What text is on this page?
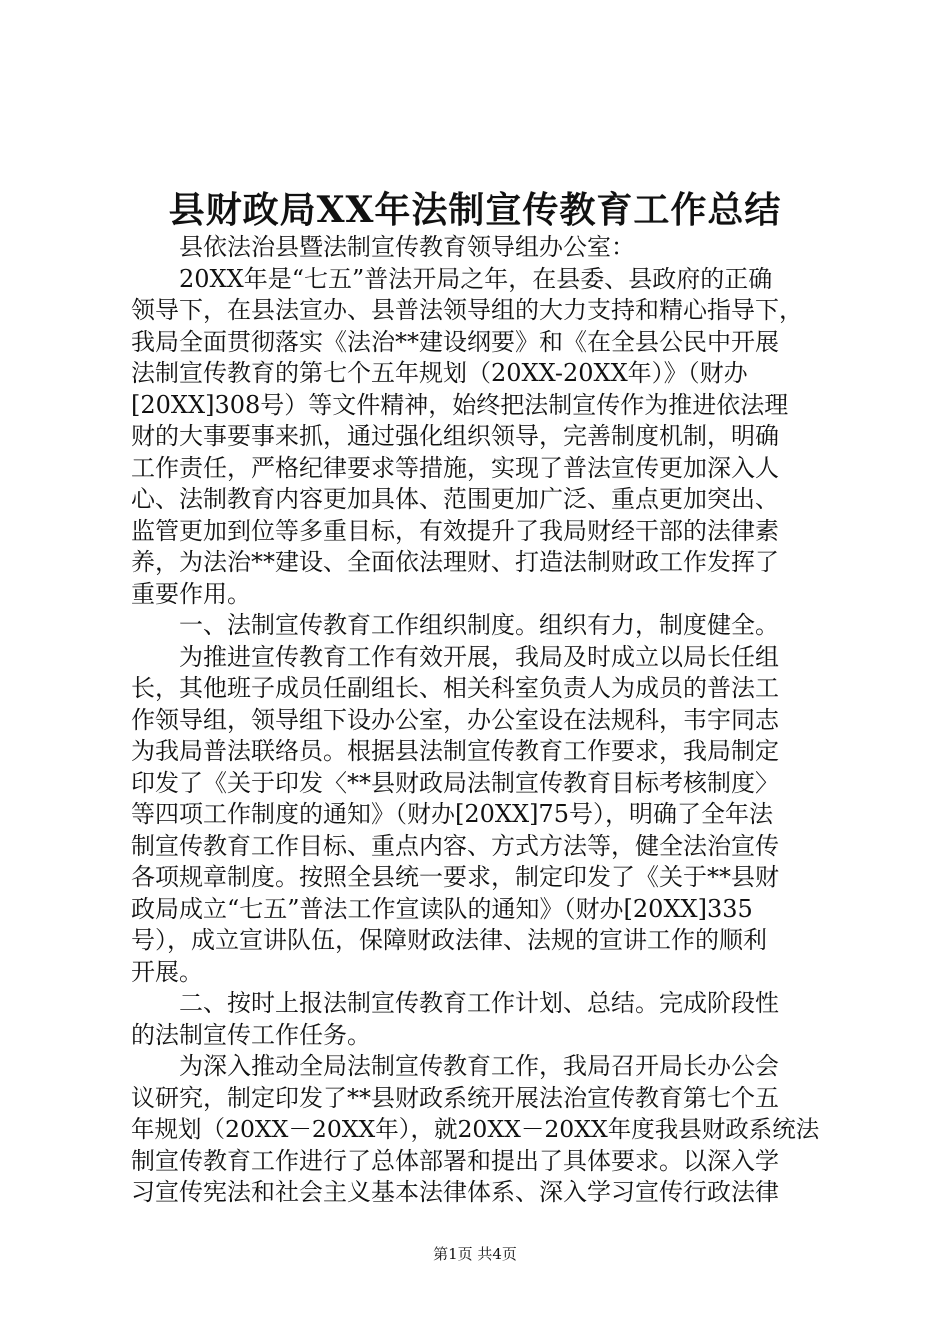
县财政局XX年法制宣传教育工作总结
县依法治县暨法制宣传教育领导组办公室：
20XX年是“七五”普法开局之年，在县委、县政府的正确
领导下，在县法宣办、县普法领导组的大力支持和精心指导下，
我局全面贯彻落实《法治**建设纲要》和《在全县公民中开展
法制宣传教育的第七个五年规划（20XX-20XX年）》（财办
[20XX]308号）等文件精神，始终把法制宣传作为推进依法理
财的大事要事来抓，通过强化组织领导，完善制度机制，明确
工作责任，严格纪律要求等措施，实现了普法宣传更加深入人
心、法制教育内容更加具体、范围更加广泛、重点更加突出、
监管更加到位等多重目标，有效提升了我局财经干部的法律素
养，为法治**建设、全面依法理财、打造法制财政工作发挥了
重要作用。
一、法制宣传教育工作组织制度。组织有力，制度健全。
为推进宣传教育工作有效开展，我局及时成立以局长任组
长，其他班子成员任副组长、相关科室负责人为成员的普法工
作领导组，领导组下设办公室，办公室设在法规科，韦宇同志
为我局普法联络员。根据县法制宣传教育工作要求，我局制定
印发了《关于印发〈**县财政局法制宣传教育目标考核制度〉
等四项工作制度的通知》（财办[20XX]75号），明确了全年法
制宣传教育工作目标、重点内容、方式方法等，健全法治宣传
各项规章制度。按照全县统一要求，制定印发了《关于**县财
政局成立“七五”普法工作宣读队的通知》（财办[20XX]335
号），成立宣讲队伍，保障财政法律、法规的宣讲工作的顺利
开展。
二、按时上报法制宣传教育工作计划、总结。完成阶段性
的法制宣传工作任务。
为深入推动全局法制宣传教育工作，我局召开局长办公会
议研究，制定印发了**县财政系统开展法治宣传教育第七个五
年规划（20XX－20XX年），就20XX－20XX年度我县财政系统法
制宣传教育工作进行了总体部署和提出了具体要求。以深入学
习宣传宪法和社会主义基本法律体系、深入学习宣传行政法律
第1页 共4页
